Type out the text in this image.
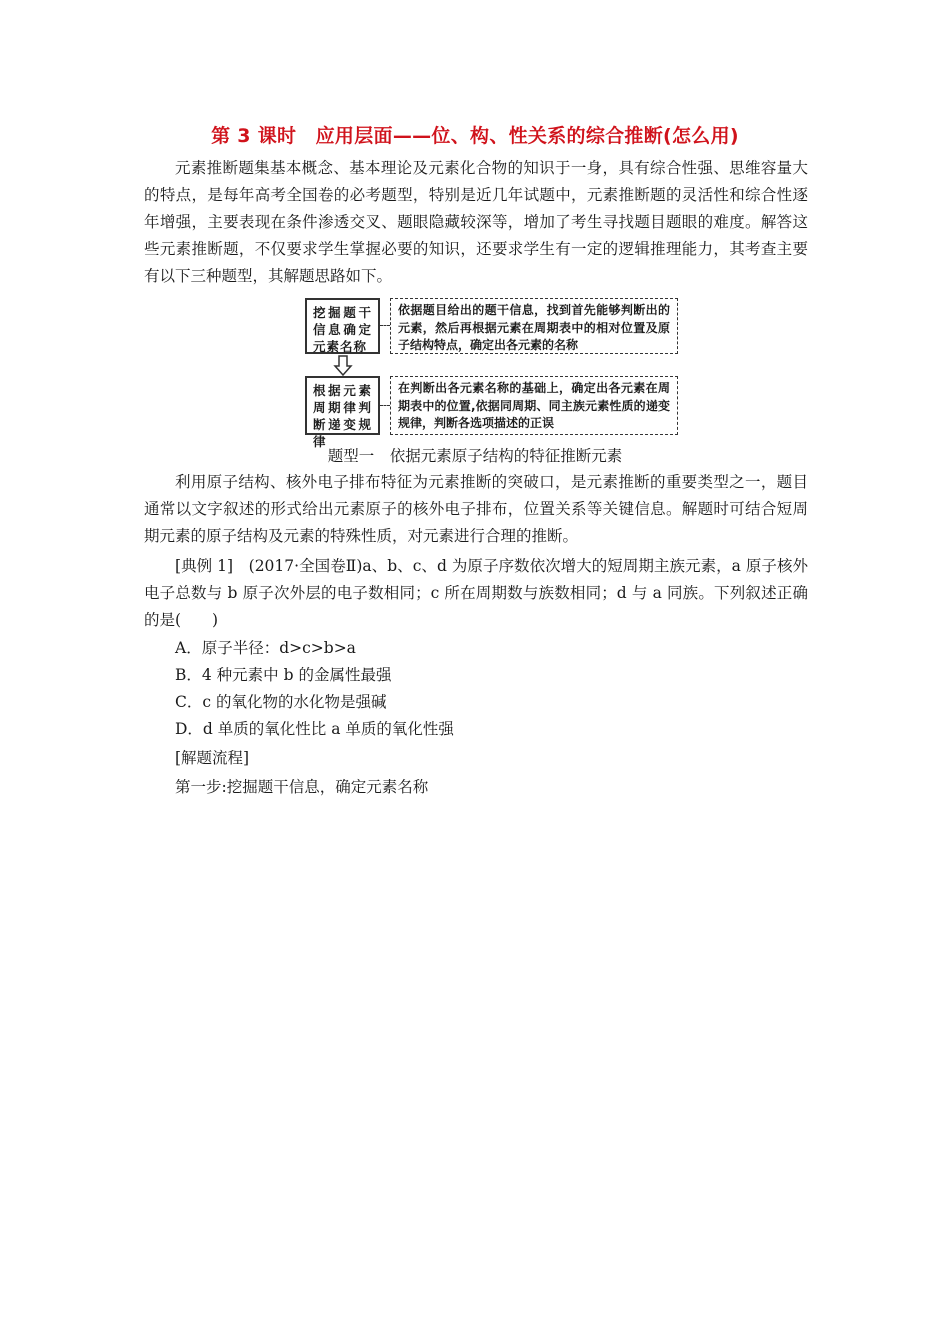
第 3 课时　应用层面——位、构、性关系的综合推断(怎么用)
元素推断题集基本概念、基本理论及元素化合物的知识于一身，具有综合性强、思维容量大的特点，是每年高考全国卷的必考题型，特别是近几年试题中，元素推断题的灵活性和综合性逐年增强，主要表现在条件渗透交叉、题眼隐藏较深等，增加了考生寻找题目题眼的难度。解答这些元素推断题，不仅要求学生掌握必要的知识，还要求学生有一定的逻辑推理能力，其考查主要有以下三种题型，其解题思路如下。
挖掘题干信息确定元素名称
依据题目给出的题干信息，找到首先能够判断出的元素，然后再根据元素在周期表中的相对位置及原子结构特点，确定出各元素的名称
根据元素周期律判断递变规律
在判断出各元素名称的基础上，确定出各元素在周期表中的位置,依据同周期、同主族元素性质的递变规律，判断各选项描述的正误
题型一　依据元素原子结构的特征推断元素
利用原子结构、核外电子排布特征为元素推断的突破口，是元素推断的重要类型之一，题目通常以文字叙述的形式给出元素原子的核外电子排布，位置关系等关键信息。解题时可结合短周期元素的原子结构及元素的特殊性质，对元素进行合理的推断。
[典例 1]　(2017·全国卷Ⅱ)a、b、c、d 为原子序数依次增大的短周期主族元素，a 原子核外电子总数与 b 原子次外层的电子数相同；c 所在周期数与族数相同；d 与 a 同族。下列叙述正确的是(　　)
A．原子半径：d>c>b>a
B．4 种元素中 b 的金属性最强
C．c 的氧化物的水化物是强碱
D．d 单质的氧化性比 a 单质的氧化性强
[解题流程]
第一步:挖掘题干信息，确定元素名称
